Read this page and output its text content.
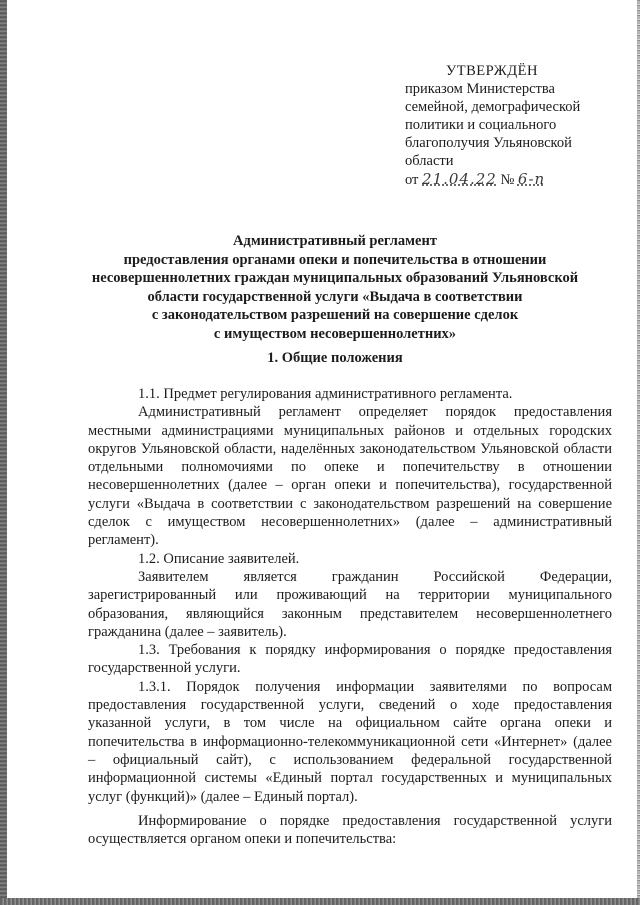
УТВЕРЖДЁН
приказом Министерства
семейной, демографической
политики и социального
благополучия Ульяновской
области
от 21.04.22 № 6-п
Административный регламент
предоставления органами опеки и попечительства в отношении
несовершеннолетних граждан муниципальных образований Ульяновской
области государственной услуги «Выдача в соответствии
с законодательством разрешений на совершение сделок
с имуществом несовершеннолетних»
1. Общие положения

1.1. Предмет регулирования административного регламента.

Административный регламент определяет порядок предоставления местными администрациями муниципальных районов и отдельных городских округов Ульяновской области, наделённых законодательством Ульяновской области отдельными полномочиями по опеке и попечительству в отношении несовершеннолетних (далее – орган опеки и попечительства), государственной услуги «Выдача в соответствии с законодательством разрешений на совершение сделок с имуществом несовершеннолетних» (далее – административный регламент).

1.2. Описание заявителей.

Заявителем является гражданин Российской Федерации, зарегистрированный или проживающий на территории муниципального образования, являющийся законным представителем несовершеннолетнего гражданина (далее – заявитель).

1.3. Требования к порядку информирования о порядке предоставления государственной услуги.

1.3.1. Порядок получения информации заявителями по вопросам предоставления государственной услуги, сведений о ходе предоставления указанной услуги, в том числе на официальном сайте органа опеки и попечительства в информационно-телекоммуникационной сети «Интернет» (далее – официальный сайт), с использованием федеральной государственной информационной системы «Единый портал государственных и муниципальных услуг (функций)» (далее – Единый портал).

Информирование о порядке предоставления государственной услуги осуществляется органом опеки и попечительства:
